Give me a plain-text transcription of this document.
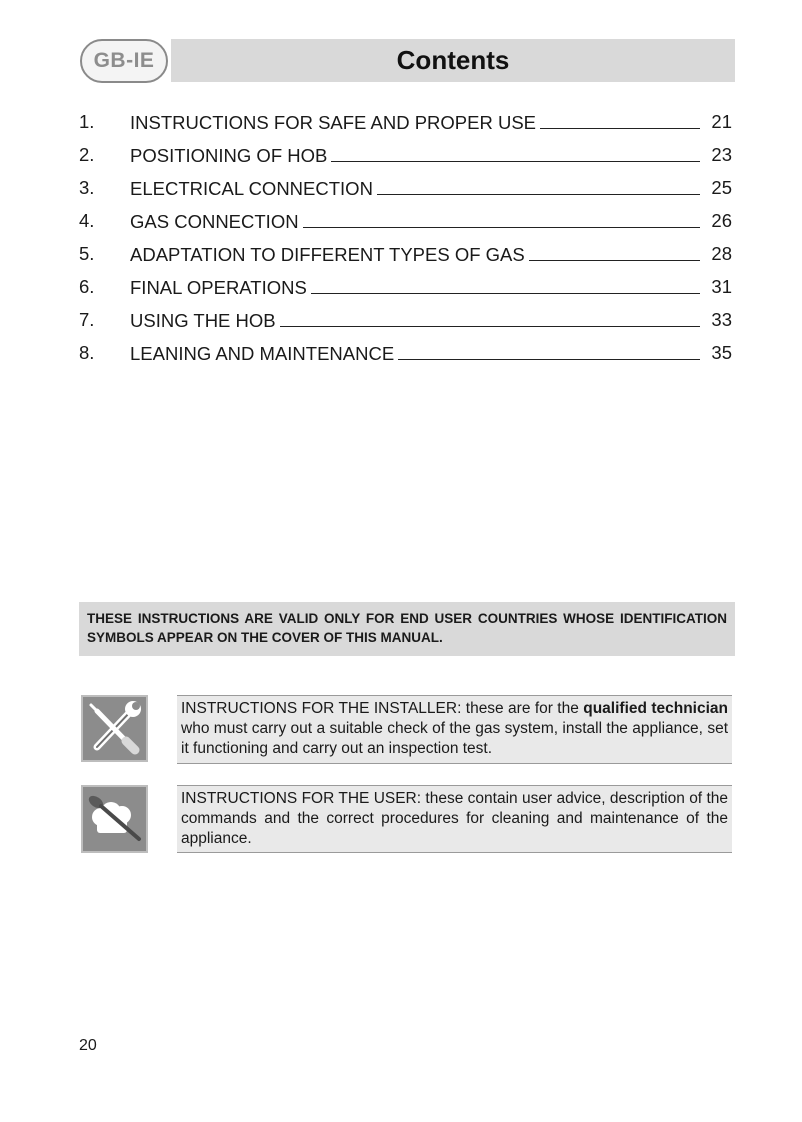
GB-IE	Contents
1. INSTRUCTIONS FOR SAFE AND PROPER USE	21
2. POSITIONING OF HOB	23
3. ELECTRICAL CONNECTION	25
4. GAS CONNECTION	26
5. ADAPTATION TO DIFFERENT TYPES OF GAS	28
6. FINAL OPERATIONS	31
7. USING THE HOB	33
8. LEANING AND MAINTENANCE	35
THESE INSTRUCTIONS ARE VALID ONLY FOR END USER COUNTRIES WHOSE IDENTIFICATION SYMBOLS APPEAR ON THE COVER OF THIS MANUAL.
INSTRUCTIONS FOR THE INSTALLER: these are for the qualified technician who must carry out a suitable check of the gas system, install the appliance, set it functioning and carry out an inspection test.
INSTRUCTIONS FOR THE USER: these contain user advice, description of the commands and the correct procedures for cleaning and maintenance of the appliance.
20
